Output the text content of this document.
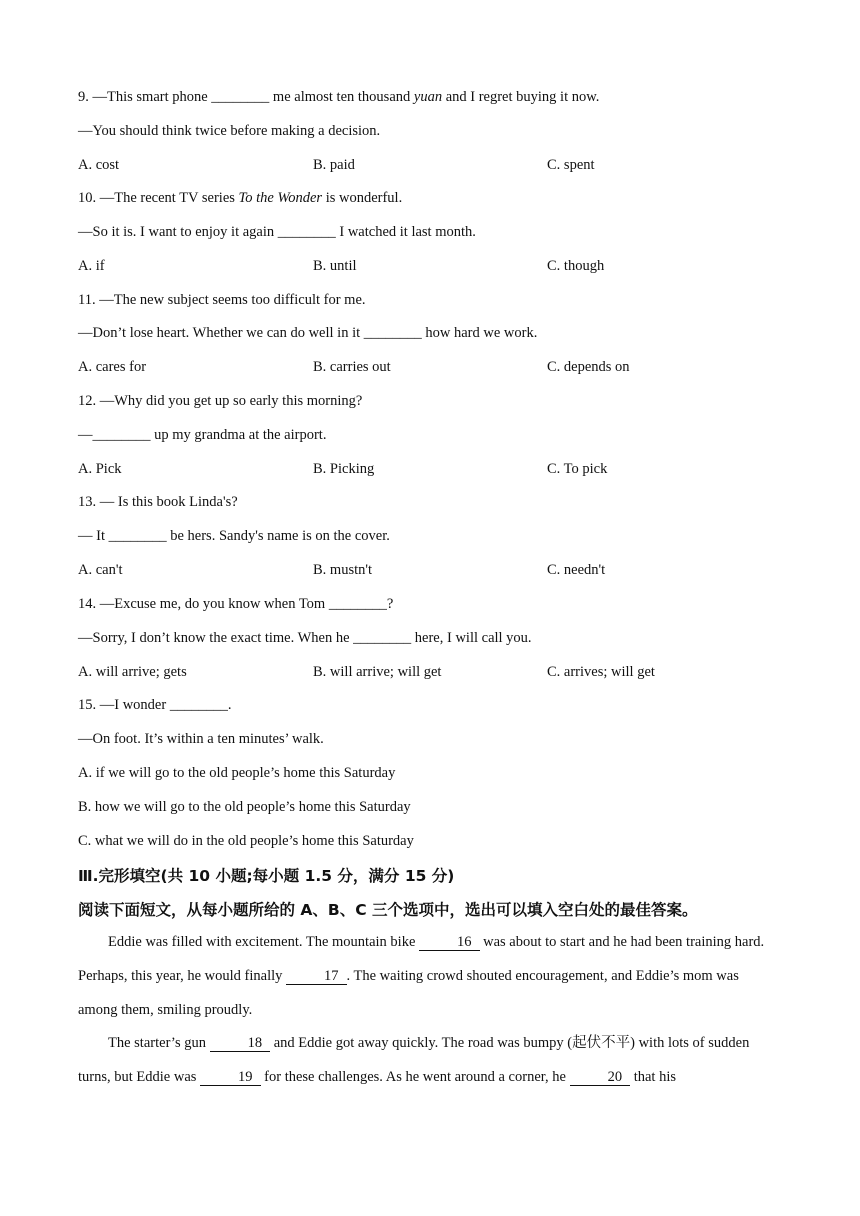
9. —This smart phone ________ me almost ten thousand yuan and I regret buying it now.
—You should think twice before making a decision.
A. cost	B. paid	C. spent
10. —The recent TV series To the Wonder is wonderful.
—So it is. I want to enjoy it again ________ I watched it last month.
A. if	B. until	C. though
11. —The new subject seems too difficult for me.
—Don’t lose heart. Whether we can do well in it ________ how hard we work.
A. cares for	B. carries out	C. depends on
12. —Why did you get up so early this morning?
—________ up my grandma at the airport.
A. Pick	B. Picking	C. To pick
13. — Is this book Linda's?
— It ________ be hers. Sandy's name is on the cover.
A. can't	B. mustn't	C. needn't
14. —Excuse me, do you know when Tom ________?
—Sorry, I don’t know the exact time. When he ________ here, I will call you.
A. will arrive; gets	B. will arrive; will get	C. arrives; will get
15. —I wonder ________.
—On foot. It’s within a ten minutes’ walk.
A. if we will go to the old people’s home this Saturday
B. how we will go to the old people’s home this Saturday
C. what we will do in the old people’s home this Saturday
Ⅲ.完形填空(共 10 小题;每小题 1.5 分，满分 15 分)
阅读下面短文，从每小题所给的 A、B、C 三个选项中，选出可以填入空白处的最佳答案。
Eddie was filled with excitement. The mountain bike	16 was about to start and he had been training hard. Perhaps, this year, he would finally	17 . The waiting crowd shouted encouragement, and Eddie’s mom was among them, smiling proudly.
The starter’s gun	18 and Eddie got away quickly. The road was bumpy (起伏不平) with lots of sudden turns, but Eddie was	19 for these challenges. As he went around a corner, he	20 that his
